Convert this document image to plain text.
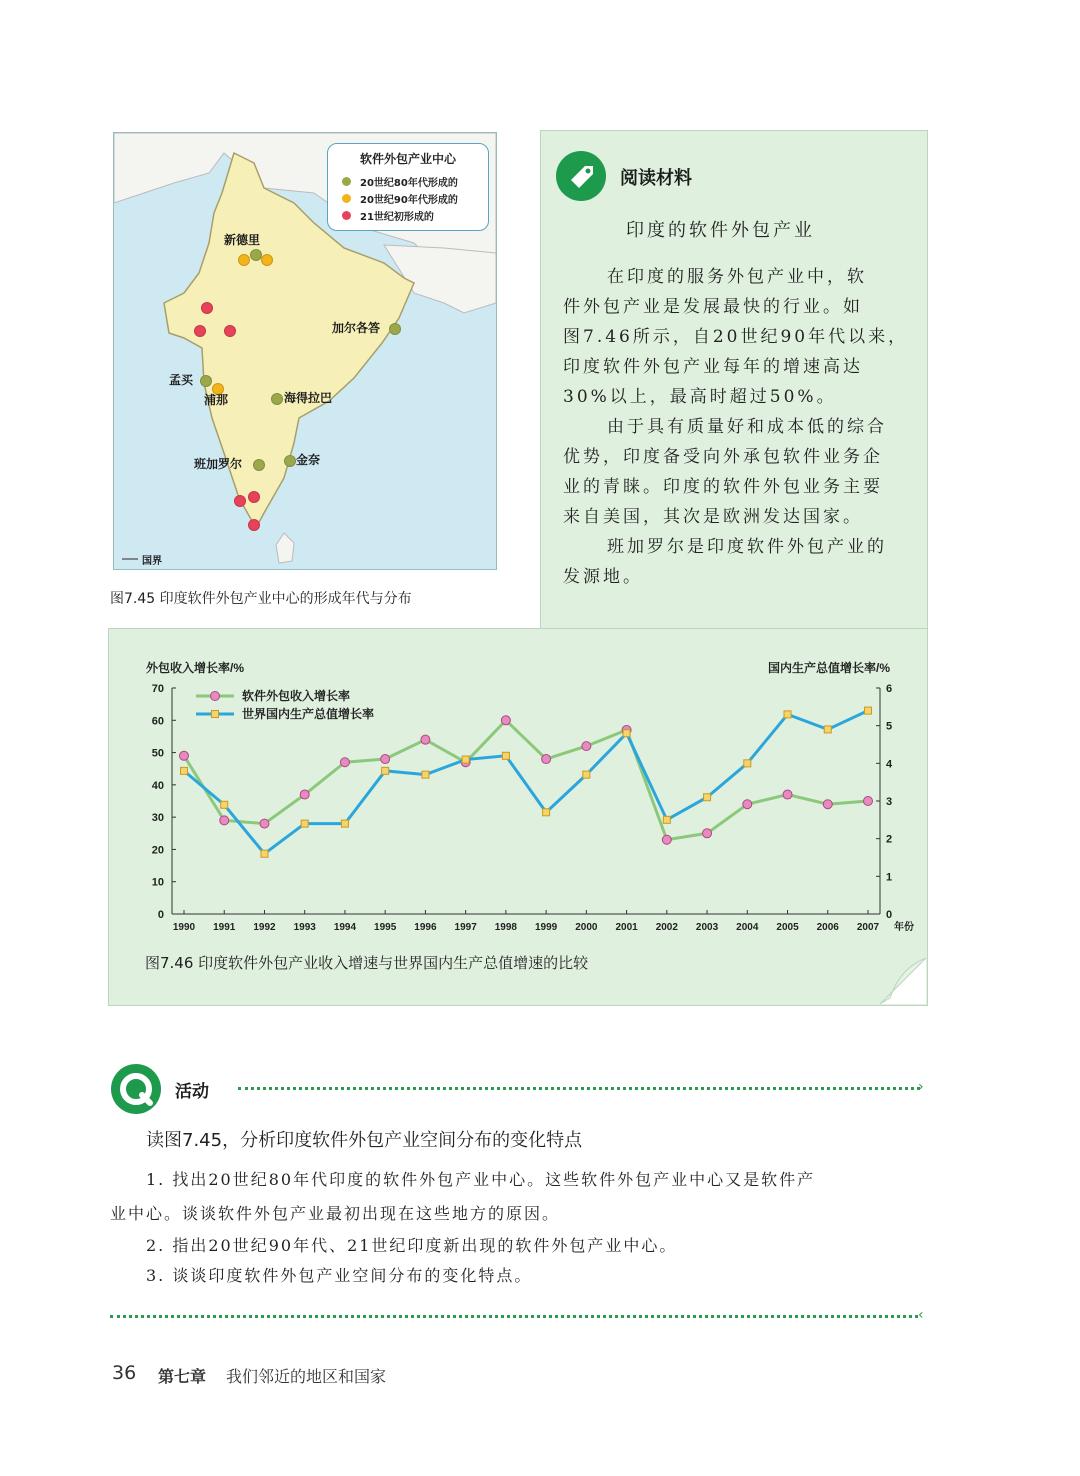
软件外包产业中心
20世纪80年代形成的
20世纪90年代形成的
21世纪初形成的
新德里
加尔各答
孟买
浦那	海得拉巴
班加罗尔	金奈
国界
图7.45 印度软件外包产业中心的形成年代与分布
阅读材料
印度的软件外包产业
在印度的服务外包产业中，软
件外包产业是发展最快的行业。如
图7.46所示，自20世纪90年代以来，
印度软件外包产业每年的增速高达
30%以上，最高时超过50%。
由于具有质量好和成本低的综合
优势，印度备受向外承包软件业务企
业的青睐。印度的软件外包业务主要
来自美国，其次是欧洲发达国家。
班加罗尔是印度软件外包产业的
发源地。
0
10
20
30
40
50
60
70
0
1
2
3
4
5
6
1990 1991 1992 1993 1994 1995 1996 1997 1998 1999 2000 2001 2002 2003 2004 2005 2006 2007 年份
外包收入增长率/%	国内生产总值增长率/%
软件外包收入增长率
世界国内生产总值增长率
图7.46 印度软件外包产业收入增速与世界国内生产总值增速的比较
活动	›
读图7.45，分析印度软件外包产业空间分布的变化特点
1. 找出20世纪80年代印度的软件外包产业中心。这些软件外包产业中心又是软件产
业中心。谈谈软件外包产业最初出现在这些地方的原因。
2. 指出20世纪90年代、21世纪印度新出现的软件外包产业中心。
3. 谈谈印度软件外包产业空间分布的变化特点。
‹
36 第七章 我们邻近的地区和国家
